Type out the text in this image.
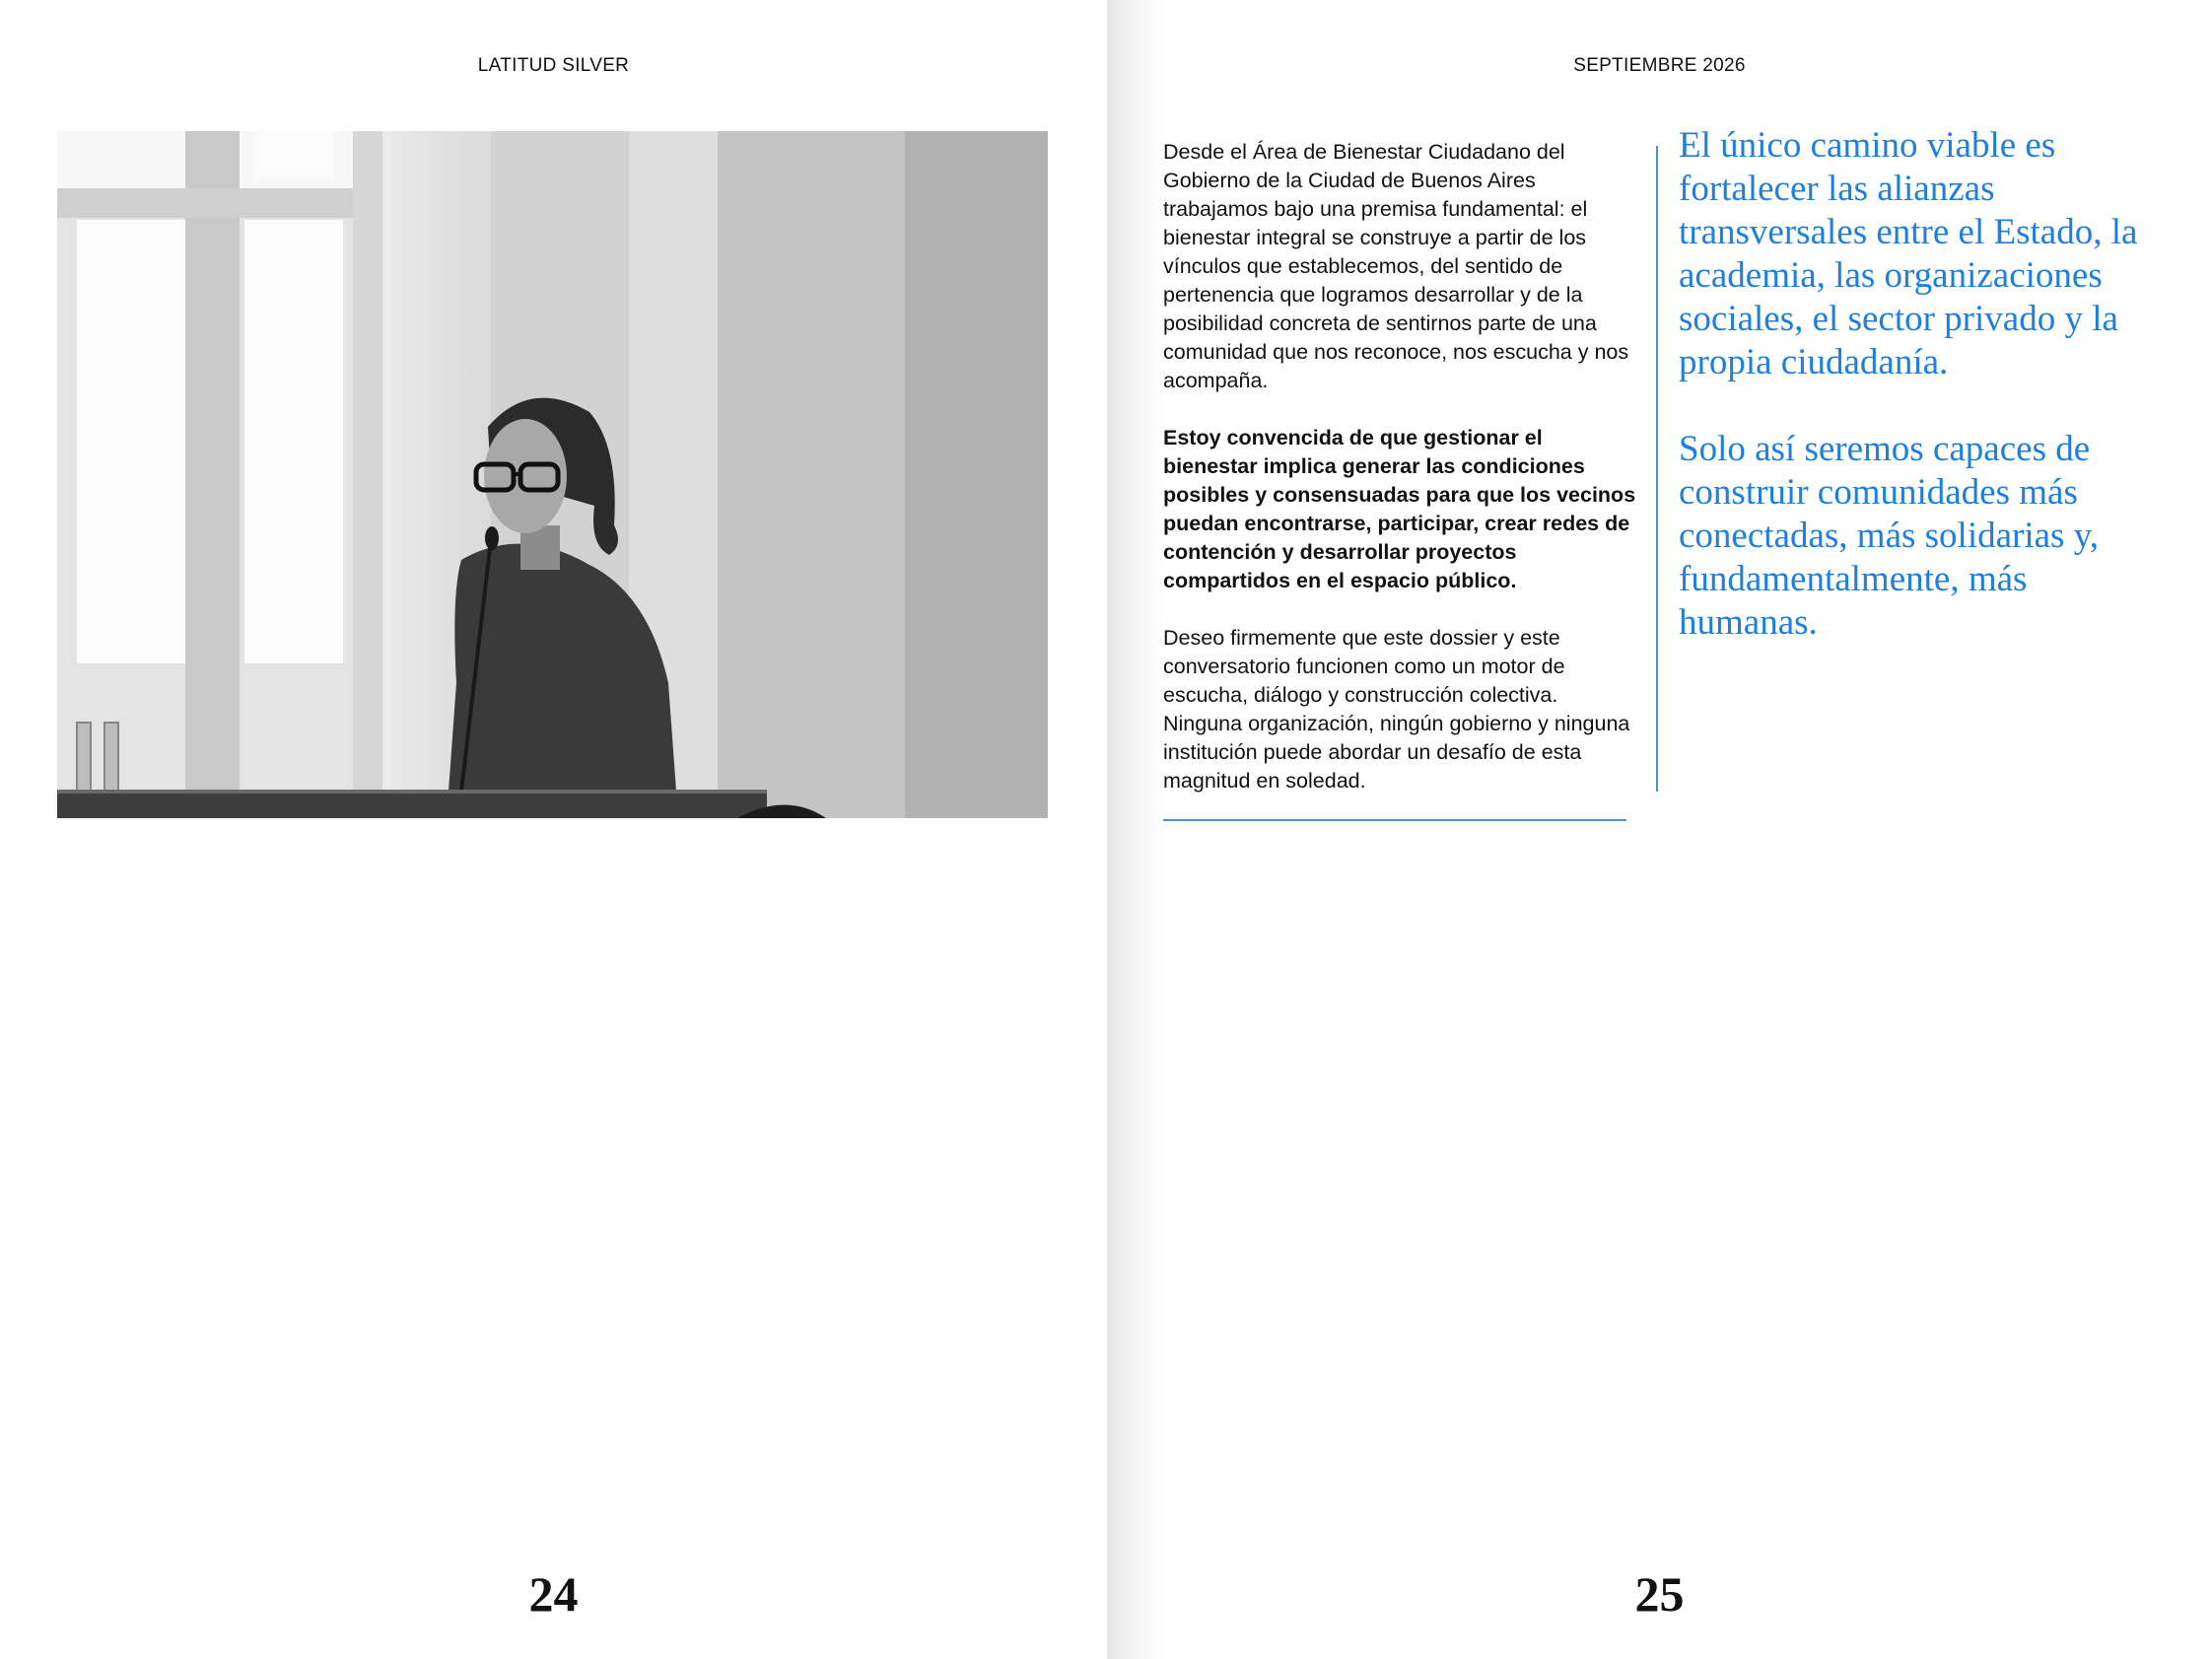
LATITUD SILVER
24
SEPTIEMBRE 2026
25

Desde el Área de Bienestar Ciudadano del Gobierno de la Ciudad de Buenos Aires trabajamos bajo una premisa fundamental: el bienestar integral se construye a partir de los vínculos que establecemos, del sentido de pertenencia que logramos desarrollar y de la posibilidad concreta de sentirnos parte de una comunidad que nos reconoce, nos escucha y nos acompaña.

Estoy convencida de que gestionar el bienestar implica generar las condiciones posibles y consensuadas para que los vecinos puedan encontrarse, participar, crear redes de contención y desarrollar proyectos compartidos en el espacio público.

Deseo firmemente que este dossier y este conversatorio funcionen como un motor de escucha, diálogo y construcción colectiva. Ninguna organización, ningún gobierno y ninguna institución puede abordar un desafío de esta magnitud en soledad.

El único camino viable es fortalecer las alianzas transversales entre el Estado, la academia, las organizaciones sociales, el sector privado y la propia ciudadanía.

Solo así seremos capaces de construir comunidades más conectadas, más solidarias y, fundamentalmente, más humanas.
